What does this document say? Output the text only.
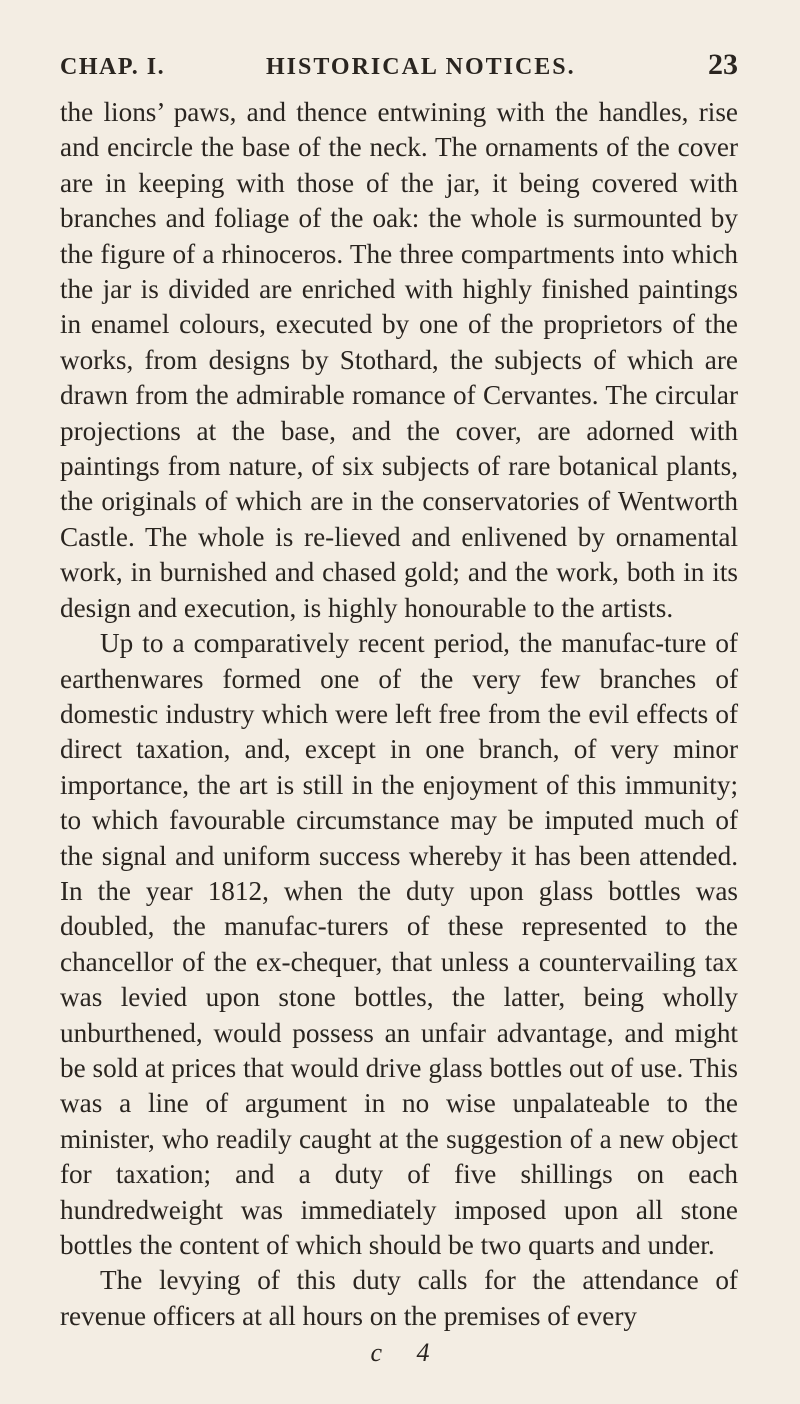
CHAP. I.	HISTORICAL NOTICES.	23

the lions’ paws, and thence entwining with the handles, rise and encircle the base of the neck. The ornaments of the cover are in keeping with those of the jar, it being covered with branches and foliage of the oak: the whole is surmounted by the figure of a rhinoceros. The three compartments into which the jar is divided are enriched with highly finished paintings in enamel colours, executed by one of the proprietors of the works, from designs by Stothard, the subjects of which are drawn from the admirable romance of Cervantes. The circular projections at the base, and the cover, are adorned with paintings from nature, of six subjects of rare botanical plants, the originals of which are in the conservatories of Wentworth Castle. The whole is re-lieved and enlivened by ornamental work, in burnished and chased gold; and the work, both in its design and execution, is highly honourable to the artists.

Up to a comparatively recent period, the manufac-ture of earthenwares formed one of the very few branches of domestic industry which were left free from the evil effects of direct taxation, and, except in one branch, of very minor importance, the art is still in the enjoyment of this immunity; to which favourable circumstance may be imputed much of the signal and uniform success whereby it has been attended. In the year 1812, when the duty upon glass bottles was doubled, the manufac-turers of these represented to the chancellor of the ex-chequer, that unless a countervailing tax was levied upon stone bottles, the latter, being wholly unburthened, would possess an unfair advantage, and might be sold at prices that would drive glass bottles out of use. This was a line of argument in no wise unpalateable to the minister, who readily caught at the suggestion of a new object for taxation; and a duty of five shillings on each hundredweight was immediately imposed upon all stone bottles the content of which should be two quarts and under.

The levying of this duty calls for the attendance of revenue officers at all hours on the premises of every

c 4
